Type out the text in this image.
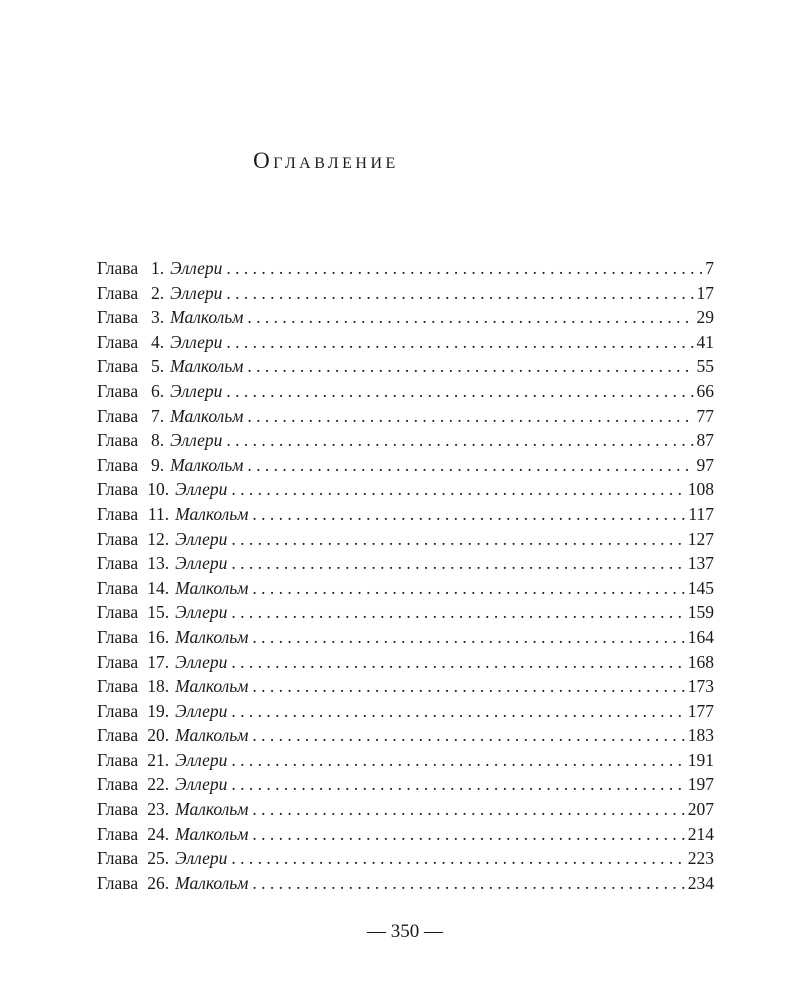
Оглавление
Глава 1. Эллери . . .	7
Глава 2. Эллери . . .	17
Глава 3. Малкольм . . .	29
Глава 4. Эллери . . .	41
Глава 5. Малкольм . . .	55
Глава 6. Эллери . . .	66
Глава 7. Малкольм . . .	77
Глава 8. Эллери . . .	87
Глава 9. Малкольм . . .	97
Глава 10. Эллери . . .	108
Глава 11. Малкольм . . .	117
Глава 12. Эллери . . .	127
Глава 13. Эллери . . .	137
Глава 14. Малкольм . . .	145
Глава 15. Эллери . . .	159
Глава 16. Малкольм . . .	164
Глава 17. Эллери . . .	168
Глава 18. Малкольм . . .	173
Глава 19. Эллери . . .	177
Глава 20. Малкольм . . .	183
Глава 21. Эллери . . .	191
Глава 22. Эллери . . .	197
Глава 23. Малкольм . . .	207
Глава 24. Малкольм . . .	214
Глава 25. Эллери . . .	223
Глава 26. Малкольм . . .	234
— 350 —
